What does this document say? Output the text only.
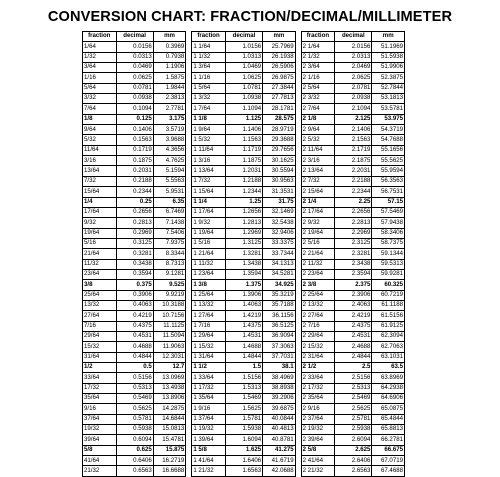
CONVERSION CHART: FRACTION/DECIMAL/MILLIMETER
fraction	decimal	mm
1/64	0.0156	0.3969
1/32	0.0313	0.7938
3/64	0.0469	1.1906
1/16	0.0625	1.5875
5/64	0.0781	1.9844
3/32	0.0938	2.3813
7/64	0.1094	2.7781
1/8	0.125	3.175
9/64	0.1406	3.5719
5/32	0.1563	3.9688
11/64	0.1719	4.3656
3/16	0.1875	4.7625
13/64	0.2031	5.1594
7/32	0.2188	5.5563
15/64	0.2344	5.9531
1/4	0.25	6.35
17/64	0.2656	6.7469
9/32	0.2813	7.1438
19/64	0.2969	7.5406
5/16	0.3125	7.9375
21/64	0.3281	8.3344
11/32	0.3438	8.7313
23/64	0.3594	9.1281
3/8	0.375	9.525
25/64	0.3906	9.9219
13/32	0.4063	10.3188
27/64	0.4219	10.7156
7/16	0.4375	11.1125
29/64	0.4531	11.5094
15/32	0.4688	11.9063
31/64	0.4844	12.3031
1/2	0.5	12.7
33/64	0.5156	13.0969
17/32	0.5313	13.4938
35/64	0.5469	13.8906
9/16	0.5625	14.2875
37/64	0.5781	14.6844
19/32	0.5938	15.0813
39/64	0.6094	15.4781
5/8	0.625	15.875
41/64	0.6406	16.2719
21/32	0.6563	16.6688
fraction	decimal	mm
1 1/64	1.0156	25.7969
1 1/32	1.0313	26.1938
1 3/64	1.0469	26.5906
1 1/16	1.0625	26.9875
1 5/64	1.0781	27.3844
1 3/32	1.0938	27.7813
1 7/64	1.1094	28.1781
1 1/8	1.125	28.575
1 9/64	1.1406	28.9719
1 5/32	1.1563	29.3688
1 11/64	1.1719	29.7656
1 3/16	1.1875	30.1625
1 13/64	1.2031	30.5594
1 7/32	1.2188	30.9563
1 15/64	1.2344	31.3531
1 1/4	1.25	31.75
1 17/64	1.2656	32.1469
1 9/32	1.2813	32.5438
1 19/64	1.2969	32.9406
1 5/16	1.3125	33.3375
1 21/64	1.3281	33.7344
1 11/32	1.3438	34.1313
1 23/64	1.3594	34.5281
1 3/8	1.375	34.925
1 25/64	1.3906	35.3219
1 13/32	1.4063	35.7188
1 27/64	1.4219	36.1156
1 7/16	1.4375	36.5125
1 29/64	1.4531	36.9094
1 15/32	1.4688	37.3063
1 31/64	1.4844	37.7031
1 1/2	1.5	38.1
1 33/64	1.5156	38.4969
1 17/32	1.5313	38.8938
1 35/64	1.5469	39.2906
1 9/16	1.5625	39.6875
1 37/64	1.5781	40.0844
1 19/32	1.5938	40.4813
1 39/64	1.6094	40.8781
1 5/8	1.625	41.275
1 41/64	1.6406	41.6719
1 21/32	1.6563	42.0688
fraction	decimal	mm
2 1/64	2.0156	51.1969
2 1/32	2.0313	51.5938
2 3/64	2.0469	51.9906
2 1/16	2.0625	52.3875
2 5/64	2.0781	52.7844
2 3/32	2.0938	53.1813
2 7/64	2.1094	53.5781
2 1/8	2.125	53.975
2 9/64	2.1406	54.3719
2 5/32	2.1563	54.7688
2 11/64	2.1719	55.1656
2 3/16	2.1875	55.5625
2 13/64	2.2031	55.9594
2 7/32	2.2188	56.3563
2 15/64	2.2344	56.7531
2 1/4	2.25	57.15
2 17/64	2.2656	57.5469
2 9/32	2.2813	57.9438
2 19/64	2.2969	58.3406
2 5/16	2.3125	58.7375
2 21/64	2.3281	59.1344
2 11/32	2.3438	59.5313
2 23/64	2.3594	59.9281
2 3/8	2.375	60.325
2 25/64	2.3906	60.7219
2 13/32	2.4063	61.1188
2 27/64	2.4219	61.5156
2 7/16	2.4375	61.9125
2 29/64	2.4531	62.3094
2 15/32	2.4688	62.7063
2 31/64	2.4844	63.1031
2 1/2	2.5	63.5
2 33/64	2.5156	63.8969
2 17/32	2.5313	64.2938
2 35/64	2.5469	64.6906
2 9/16	2.5625	65.0875
2 37/64	2.5781	65.4844
2 19/32	2.5938	65.8813
2 39/64	2.6094	66.2781
2 5/8	2.625	66.675
2 41/64	2.6406	67.0719
2 21/32	2.6563	67.4688
